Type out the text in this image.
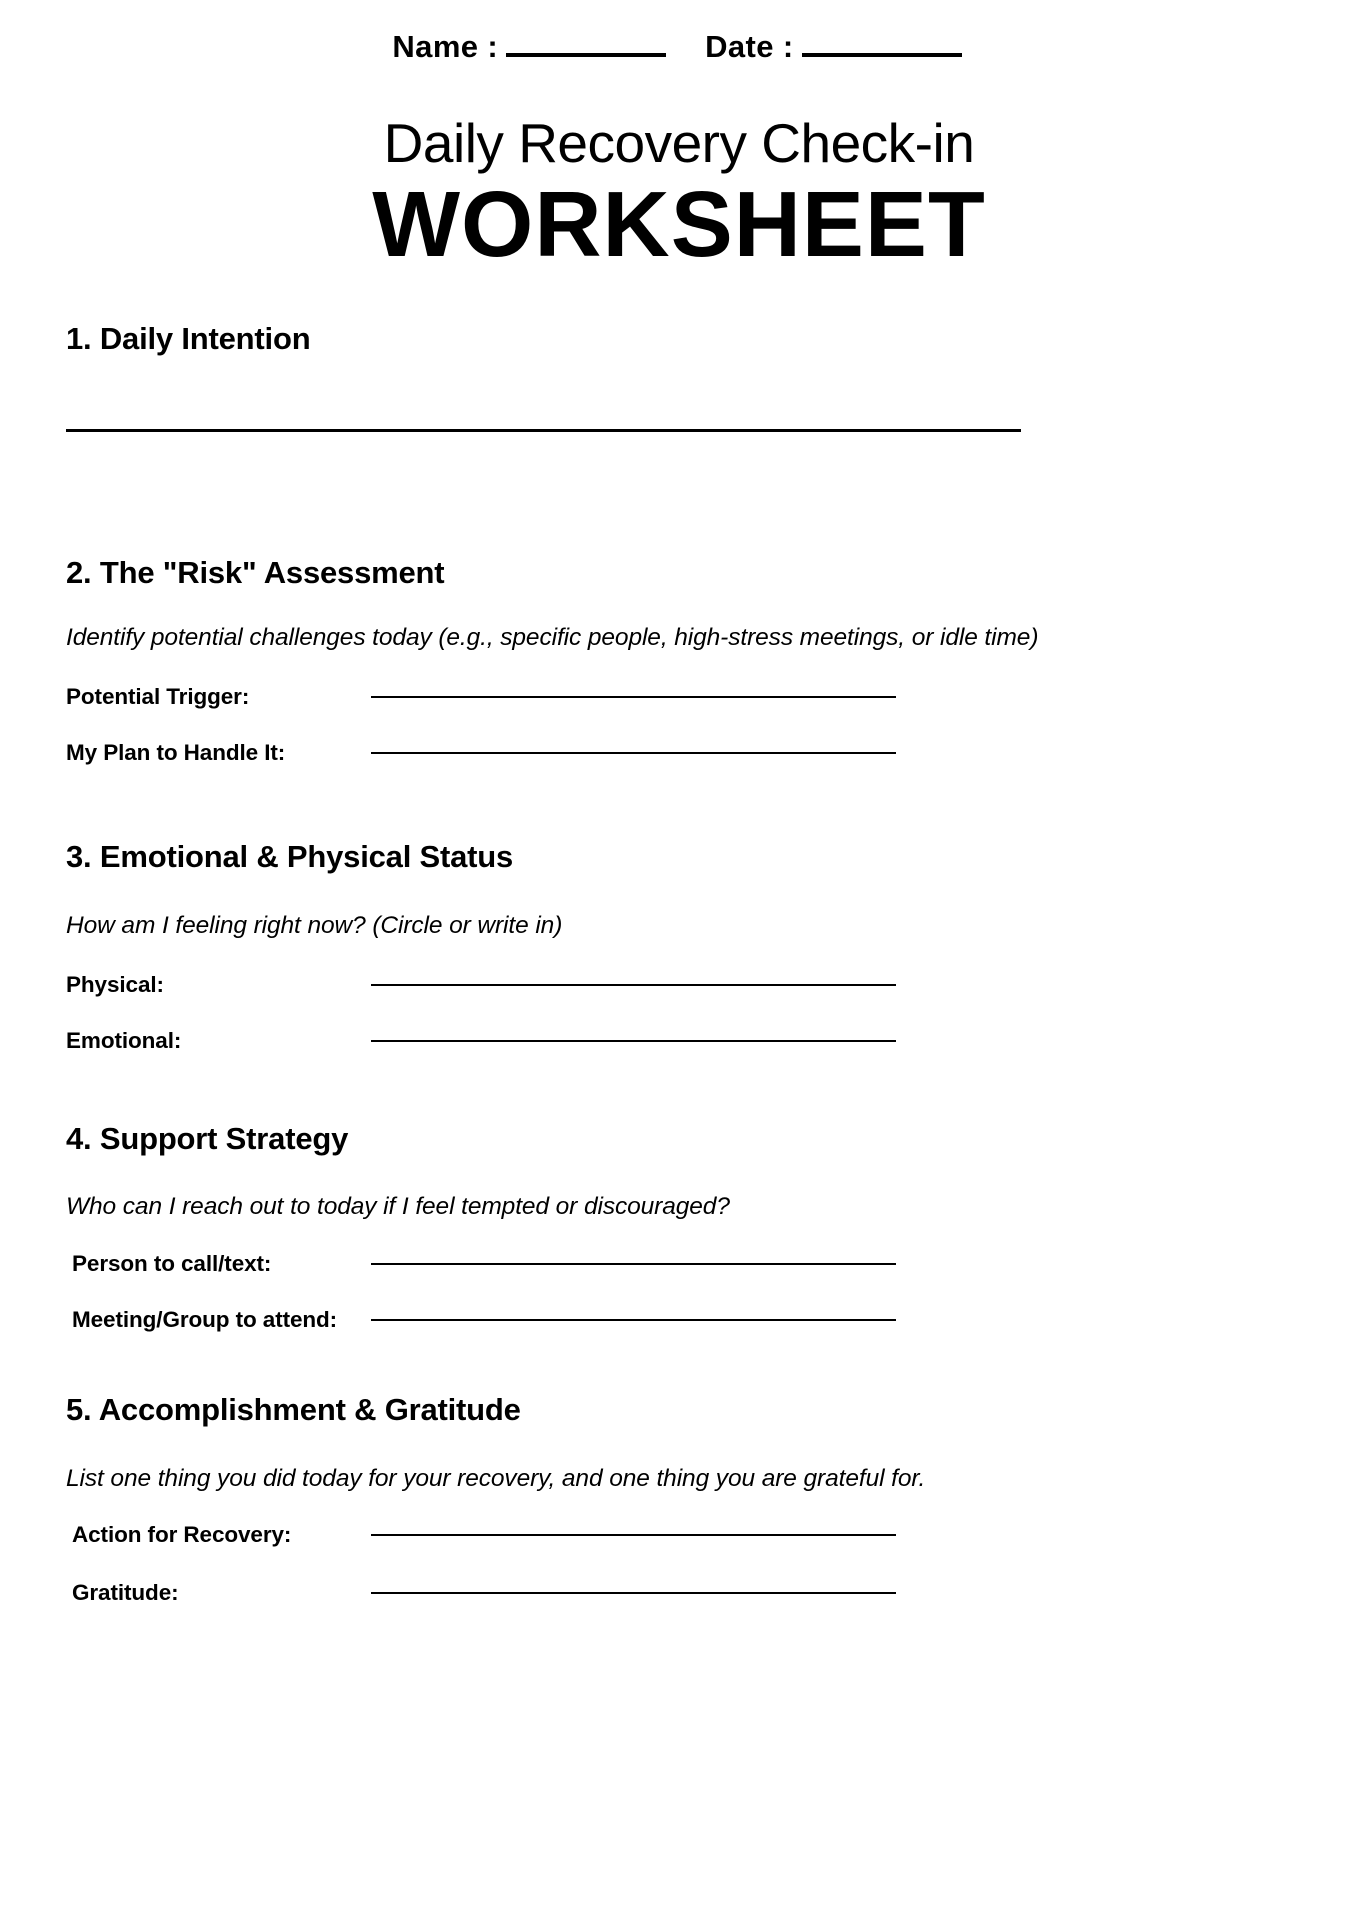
Name :	Date :
Daily Recovery Check-in
WORKSHEET
1. Daily Intention
2. The "Risk" Assessment
Identify potential challenges today (e.g., specific people, high-stress meetings, or idle time)
Potential Trigger:
My Plan to Handle It:
3. Emotional & Physical Status
How am I feeling right now? (Circle or write in)
Physical:
Emotional:
4. Support Strategy
Who can I reach out to today if I feel tempted or discouraged?
Person to call/text:
Meeting/Group to attend:
5. Accomplishment & Gratitude
List one thing you did today for your recovery, and one thing you are grateful for.
Action for Recovery:
Gratitude:
